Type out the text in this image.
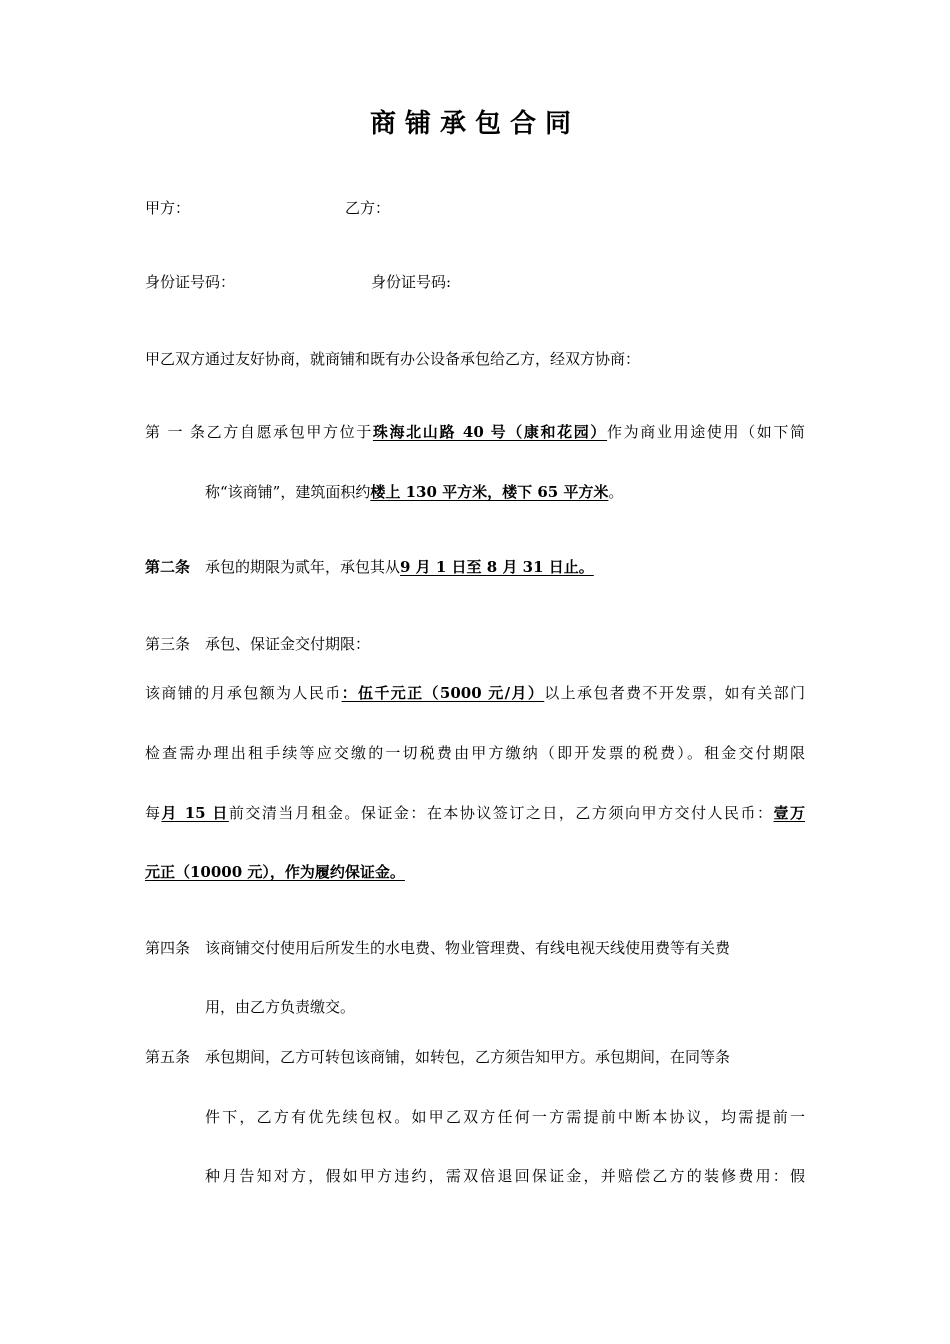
商铺承包合同
甲方：	乙方：
身份证号码：	身份证号码:
甲乙双方通过友好协商，就商铺和既有办公设备承包给乙方，经双方协商：
第一条乙方自愿承包甲方位于珠海北山路 40 号（康和花园）作为商业用途使用（如下简
称“该商铺”，建筑面积约楼上 130 平方米，楼下 65 平方米。
第二条 承包的期限为贰年，承包其从9 月 1 日至 8 月 31 日止。
第三条 承包、保证金交付期限：
该商铺的月承包额为人民币：伍千元正（5000 元/月）以上承包者费不开发票，如有关部门
检查需办理出租手续等应交缴的一切税费由甲方缴纳（即开发票的税费）。租金交付期限
每月 15 日前交清当月租金。保证金：在本协议签订之日，乙方须向甲方交付人民币：壹万
元正（10000 元），作为履约保证金。
第四条 该商铺交付使用后所发生的水电费、物业管理费、有线电视天线使用费等有关费
用，由乙方负责缴交。
第五条 承包期间，乙方可转包该商铺，如转包，乙方须告知甲方。承包期间，在同等条
件下，乙方有优先续包权。如甲乙双方任何一方需提前中断本协议，均需提前一
种月告知对方，假如甲方违约，需双倍退回保证金，并赔偿乙方的装修费用：假
